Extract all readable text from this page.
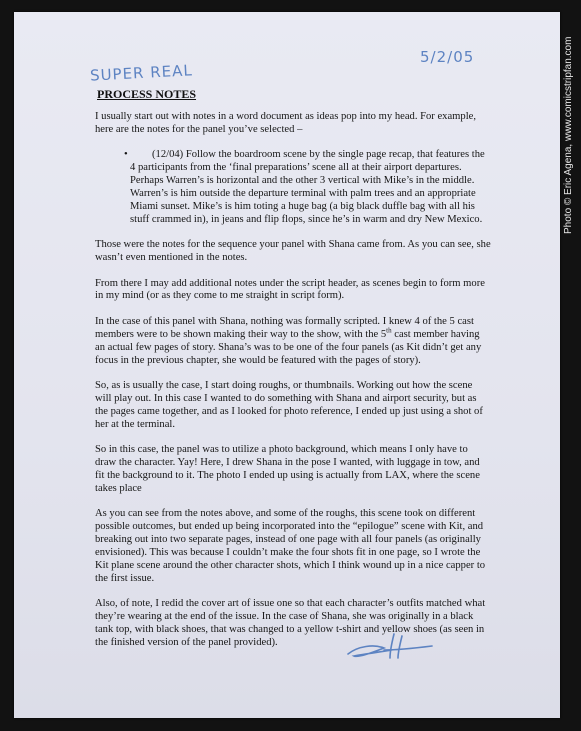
Photo © Eric Agena, www.comicstripfan.com
SUPER REAL
5/2/05
PROCESS NOTES

I usually start out with notes in a word document as ideas pop into my head. For example, here are the notes for the panel you’ve selected –

• (12/04) Follow the boardroom scene by the single page recap, that features the 4 participants from the ‘final preparations’ scene all at their airport departures. Perhaps Warren’s is horizontal and the other 3 vertical with Mike’s in the middle. Warren’s is him outside the departure terminal with palm trees and an appropriate Miami sunset. Mike’s is him toting a huge bag (a big black duffle bag with all his stuff crammed in), in jeans and flip flops, since he’s in warm and dry New Mexico.

Those were the notes for the sequence your panel with Shana came from. As you can see, she wasn’t even mentioned in the notes.

From there I may add additional notes under the script header, as scenes begin to form more in my mind (or as they come to me straight in script form).

In the case of this panel with Shana, nothing was formally scripted. I knew 4 of the 5 cast members were to be shown making their way to the show, with the 5th cast member having an actual few pages of story. Shana’s was to be one of the four panels (as Kit didn’t get any focus in the previous chapter, she would be featured with the pages of story).

So, as is usually the case, I start doing roughs, or thumbnails. Working out how the scene will play out. In this case I wanted to do something with Shana and airport security, but as the pages came together, and as I looked for photo reference, I ended up just using a shot of her at the terminal.

So in this case, the panel was to utilize a photo background, which means I only have to draw the character. Yay! Here, I drew Shana in the pose I wanted, with luggage in tow, and fit the background to it. The photo I ended up using is actually from LAX, where the scene takes place

As you can see from the notes above, and some of the roughs, this scene took on different possible outcomes, but ended up being incorporated into the “epilogue” scene with Kit, and breaking out into two separate pages, instead of one page with all four panels (as originally envisioned). This was because I couldn’t make the four shots fit in one page, so I wrote the Kit plane scene around the other character shots, which I think wound up in a nice capper to the first issue.

Also, of note, I redid the cover art of issue one so that each character’s outfits matched what they’re wearing at the end of the issue. In the case of Shana, she was originally in a black tank top, with black shoes, that was changed to a yellow t-shirt and yellow shoes (as seen in the finished version of the panel provided).
